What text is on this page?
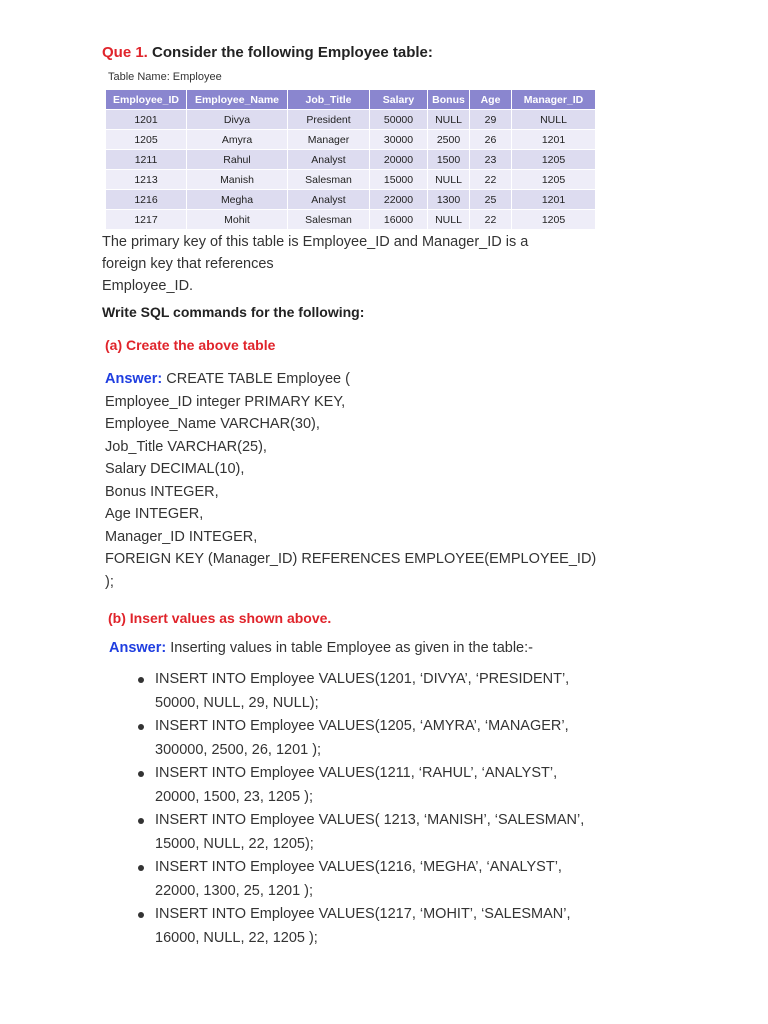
Que 1. Consider the following Employee table:
Table Name: Employee
Employee_ID	Employee_Name	Job_Title	Salary	Bonus	Age	Manager_ID
1201	Divya	President	50000	NULL	29	NULL
1205	Amyra	Manager	30000	2500	26	1201
1211	Rahul	Analyst	20000	1500	23	1205
1213	Manish	Salesman	15000	NULL	22	1205
1216	Megha	Analyst	22000	1300	25	1201
1217	Mohit	Salesman	16000	NULL	22	1205
The primary key of this table is Employee_ID and Manager_ID is a
foreign key that references
Employee_ID.
Write SQL commands for the following:
(a) Create the above table
Answer: CREATE TABLE Employee (
Employee_ID integer PRIMARY KEY,
Employee_Name VARCHAR(30),
Job_Title VARCHAR(25),
Salary DECIMAL(10),
Bonus INTEGER,
Age INTEGER,
Manager_ID INTEGER,
FOREIGN KEY (Manager_ID) REFERENCES EMPLOYEE(EMPLOYEE_ID)
);
(b) Insert values as shown above.
Answer: Inserting values in table Employee as given in the table:-
INSERT INTO Employee VALUES(1201, ‘DIVYA’, ‘PRESIDENT’,
50000, NULL, 29, NULL);
INSERT INTO Employee VALUES(1205, ‘AMYRA’, ‘MANAGER’,
300000, 2500, 26, 1201 );
INSERT INTO Employee VALUES(1211, ‘RAHUL’, ‘ANALYST’,
20000, 1500, 23, 1205 );
INSERT INTO Employee VALUES( 1213, ‘MANISH’, ‘SALESMAN’,
15000, NULL, 22, 1205);
INSERT INTO Employee VALUES(1216, ‘MEGHA’, ‘ANALYST’,
22000, 1300, 25, 1201 );
INSERT INTO Employee VALUES(1217, ‘MOHIT’, ‘SALESMAN’,
16000, NULL, 22, 1205 );
